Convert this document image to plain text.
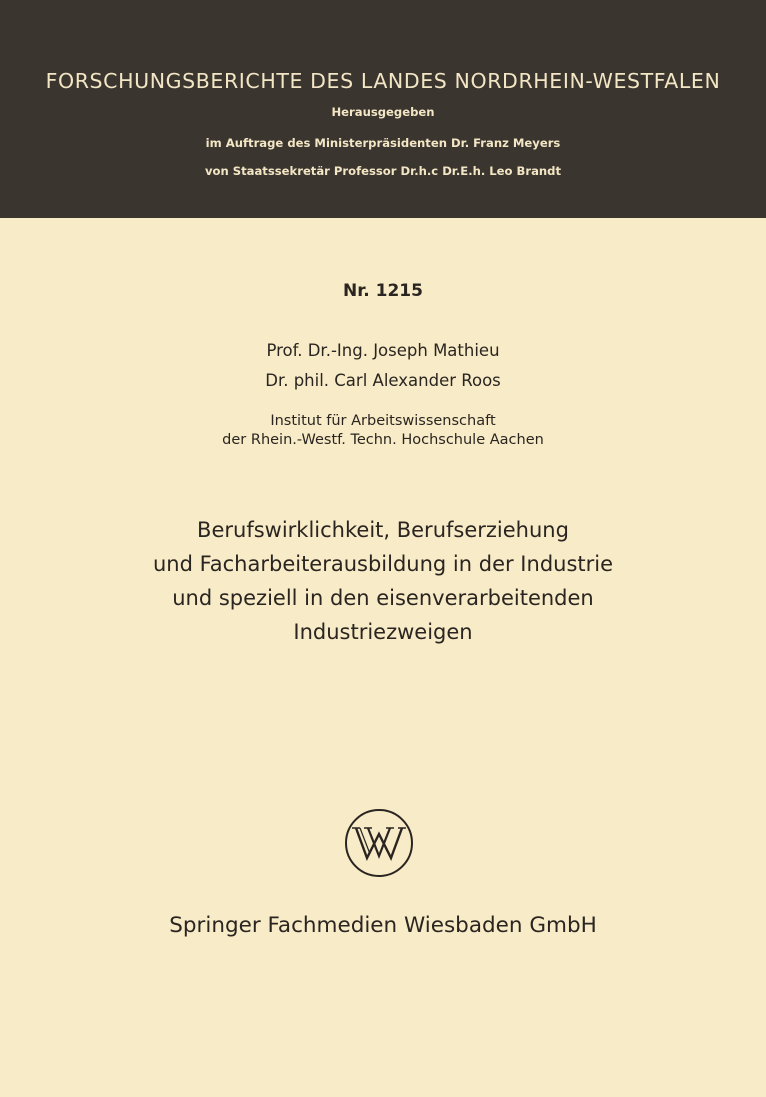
FORSCHUNGSBERICHTE DES LANDES NORDRHEIN-WESTFALEN
Herausgegeben
im Auftrage des Ministerpräsidenten Dr. Franz Meyers
von Staatssekretär Professor Dr.h.c Dr.E.h. Leo Brandt
Nr. 1215
Prof. Dr.-Ing. Joseph Mathieu
Dr. phil. Carl Alexander Roos
Institut für Arbeitswissenschaft
der Rhein.-Westf. Techn. Hochschule Aachen
Berufswirklichkeit, Berufserziehung
und Facharbeiterausbildung in der Industrie
und speziell in den eisenverarbeitenden
Industriezweigen
Springer Fachmedien Wiesbaden GmbH
